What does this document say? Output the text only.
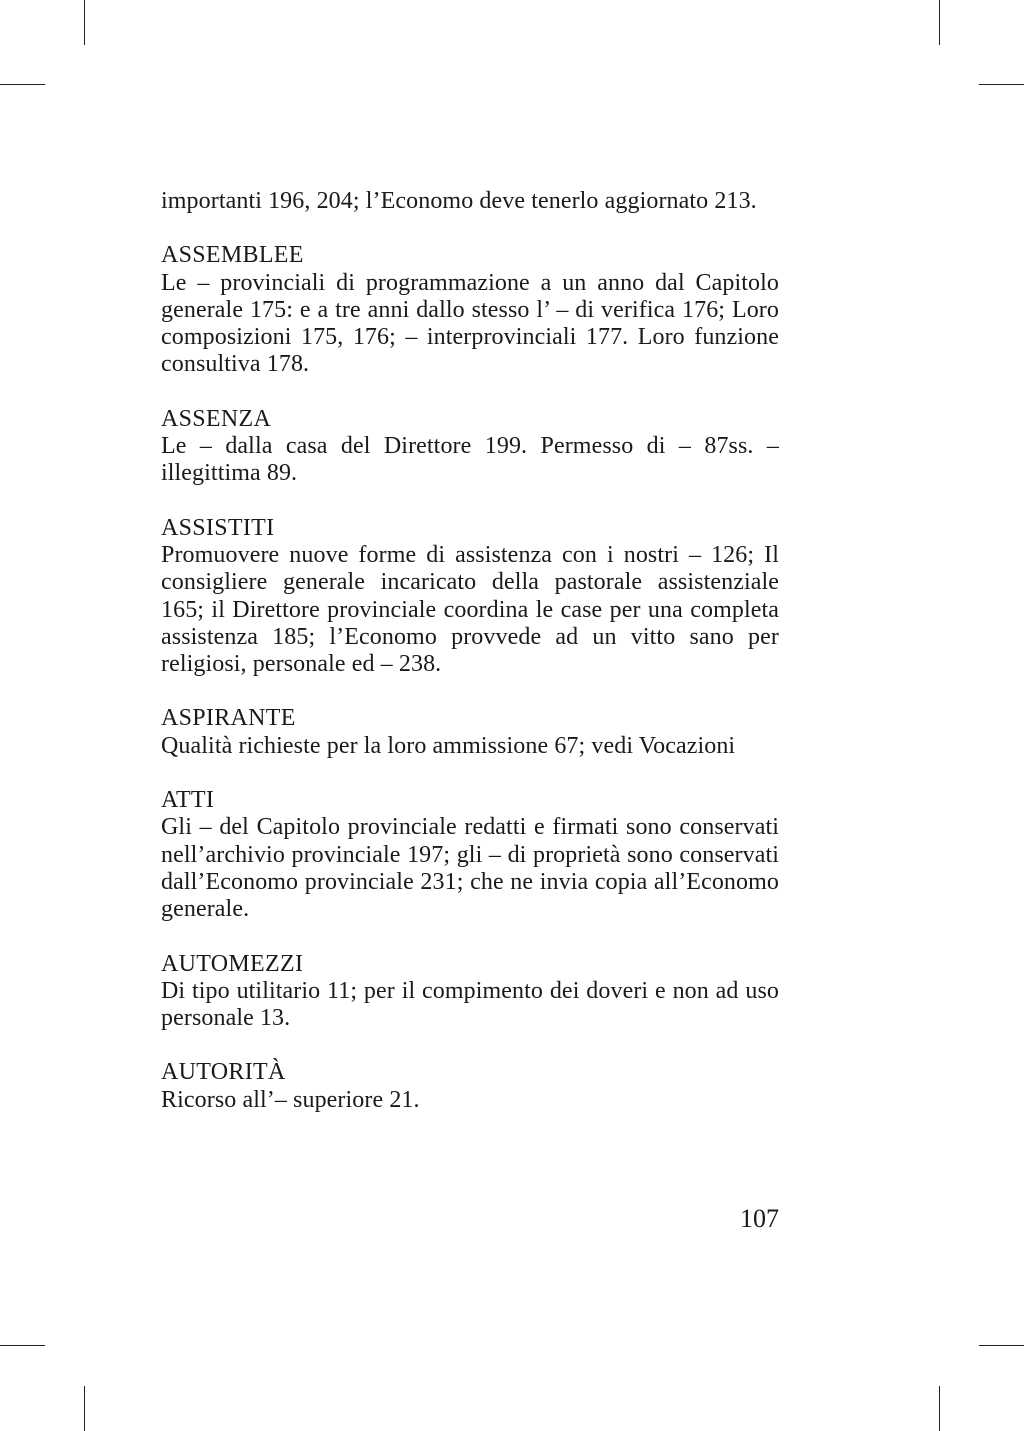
importanti 196, 204; l’Economo deve tenerlo aggiornato 213.

ASSEMBLEE

Le – provinciali di programmazione a un anno dal Capitolo generale 175: e a tre anni dallo stesso l’ – di verifica 176; Loro composizioni 175, 176; – interprovinciali 177. Loro funzione consultiva 178.

ASSENZA

Le – dalla casa del Direttore 199. Permesso di – 87ss. – illegittima 89.

ASSISTITI

Promuovere nuove forme di assistenza con i nostri – 126; Il consigliere generale incaricato della pastorale assistenziale 165; il Direttore provinciale coordina le case per una completa assistenza 185; l’Economo provvede ad un vitto sano per religiosi, personale ed – 238.

ASPIRANTE

Qualità richieste per la loro ammissione 67; vedi Vocazioni

ATTI

Gli – del Capitolo provinciale redatti e firmati sono conservati nell’archivio provinciale 197; gli – di proprietà sono conservati dall’Economo provinciale 231; che ne invia copia all’Economo generale.

AUTOMEZZI

Di tipo utilitario 11; per il compimento dei doveri e non ad uso personale 13.

AUTORITÀ

Ricorso all’– superiore 21.

107
